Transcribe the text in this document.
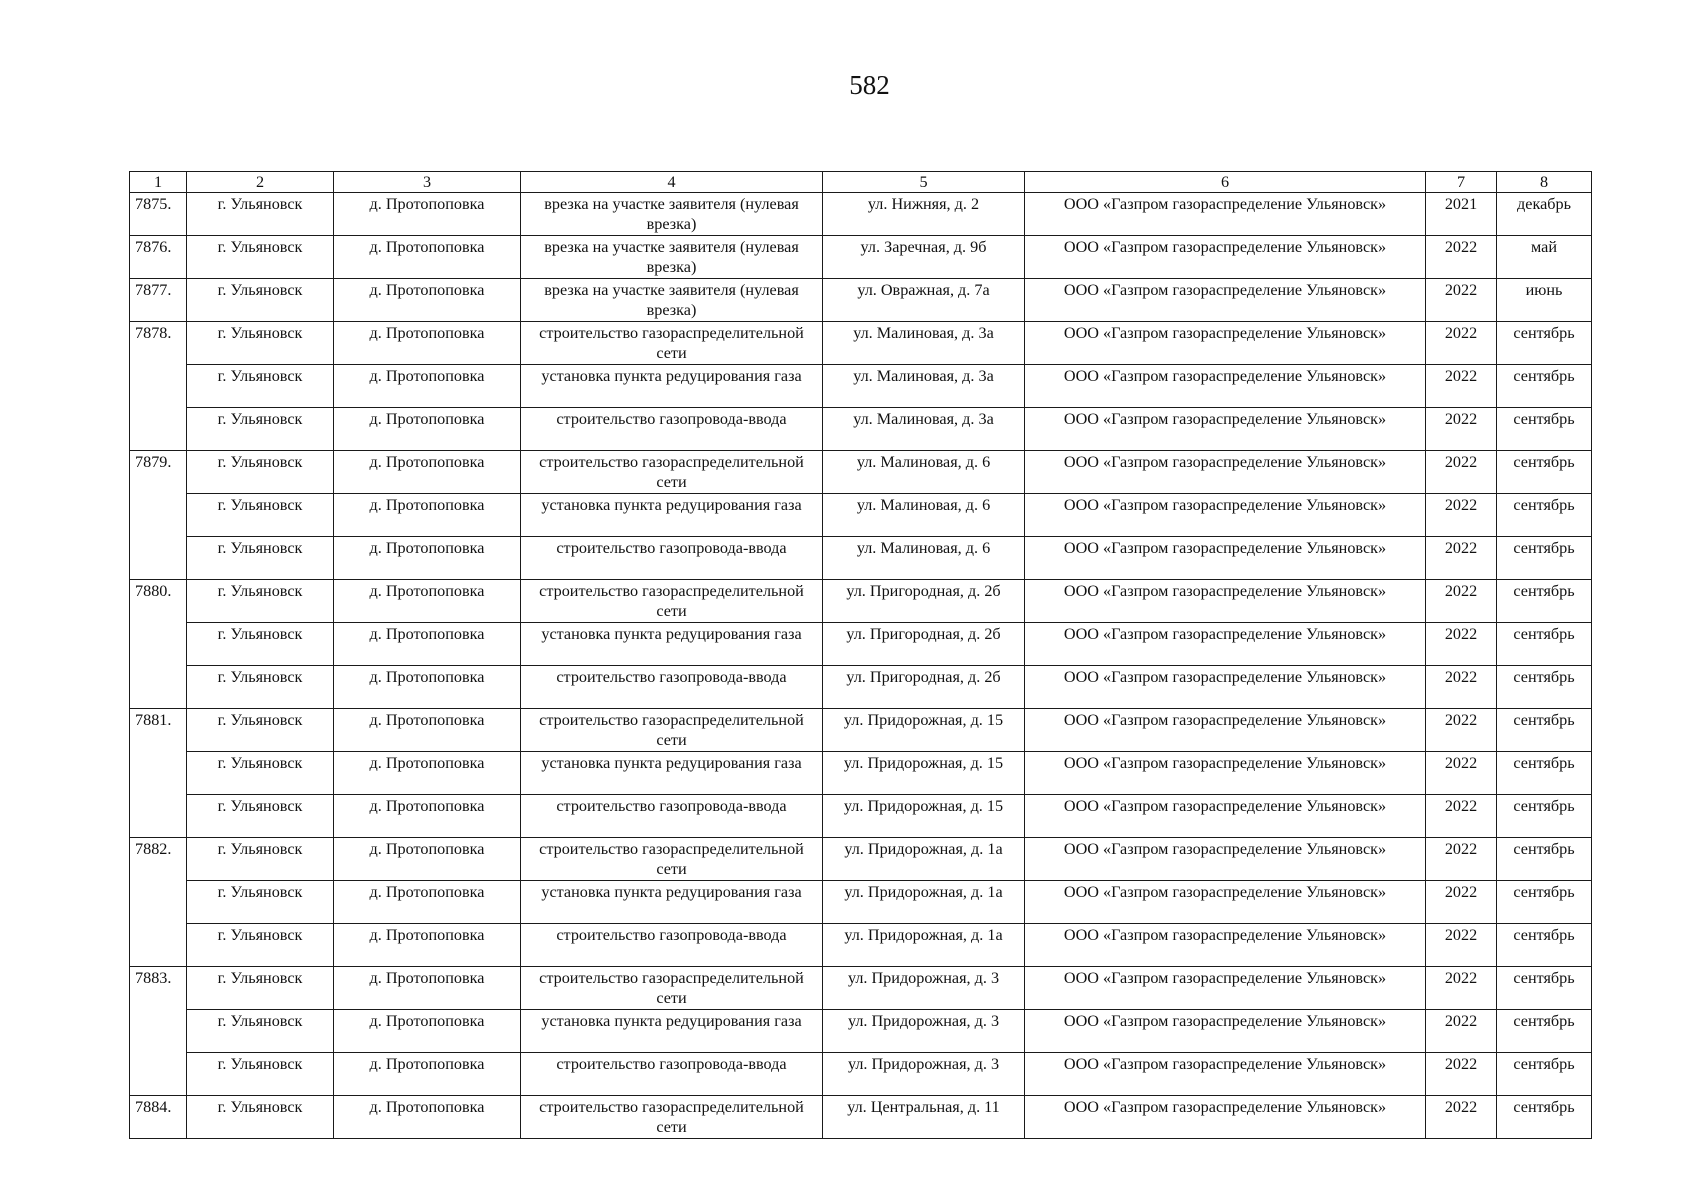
582
1	2	3	4	5	6	7	8
7875.	г. Ульяновск	д. Протопоповка	врезка на участке заявителя (нулевая врезка)	ул. Нижняя, д. 2	ООО «Газпром газораспределение Ульяновск»	2021	декабрь
7876.	г. Ульяновск	д. Протопоповка	врезка на участке заявителя (нулевая врезка)	ул. Заречная, д. 9б	ООО «Газпром газораспределение Ульяновск»	2022	май
7877.	г. Ульяновск	д. Протопоповка	врезка на участке заявителя (нулевая врезка)	ул. Овражная, д. 7а	ООО «Газпром газораспределение Ульяновск»	2022	июнь
7878.	г. Ульяновск	д. Протопоповка	строительство газораспределительной сети	ул. Малиновая, д. 3а	ООО «Газпром газораспределение Ульяновск»	2022	сентябрь
	г. Ульяновск	д. Протопоповка	установка пункта редуцирования газа	ул. Малиновая, д. 3а	ООО «Газпром газораспределение Ульяновск»	2022	сентябрь
	г. Ульяновск	д. Протопоповка	строительство газопровода-ввода	ул. Малиновая, д. 3а	ООО «Газпром газораспределение Ульяновск»	2022	сентябрь
7879.	г. Ульяновск	д. Протопоповка	строительство газораспределительной сети	ул. Малиновая, д. 6	ООО «Газпром газораспределение Ульяновск»	2022	сентябрь
	г. Ульяновск	д. Протопоповка	установка пункта редуцирования газа	ул. Малиновая, д. 6	ООО «Газпром газораспределение Ульяновск»	2022	сентябрь
	г. Ульяновск	д. Протопоповка	строительство газопровода-ввода	ул. Малиновая, д. 6	ООО «Газпром газораспределение Ульяновск»	2022	сентябрь
7880.	г. Ульяновск	д. Протопоповка	строительство газораспределительной сети	ул. Пригородная, д. 2б	ООО «Газпром газораспределение Ульяновск»	2022	сентябрь
	г. Ульяновск	д. Протопоповка	установка пункта редуцирования газа	ул. Пригородная, д. 2б	ООО «Газпром газораспределение Ульяновск»	2022	сентябрь
	г. Ульяновск	д. Протопоповка	строительство газопровода-ввода	ул. Пригородная, д. 2б	ООО «Газпром газораспределение Ульяновск»	2022	сентябрь
7881.	г. Ульяновск	д. Протопоповка	строительство газораспределительной сети	ул. Придорожная, д. 15	ООО «Газпром газораспределение Ульяновск»	2022	сентябрь
	г. Ульяновск	д. Протопоповка	установка пункта редуцирования газа	ул. Придорожная, д. 15	ООО «Газпром газораспределение Ульяновск»	2022	сентябрь
	г. Ульяновск	д. Протопоповка	строительство газопровода-ввода	ул. Придорожная, д. 15	ООО «Газпром газораспределение Ульяновск»	2022	сентябрь
7882.	г. Ульяновск	д. Протопоповка	строительство газораспределительной сети	ул. Придорожная, д. 1а	ООО «Газпром газораспределение Ульяновск»	2022	сентябрь
	г. Ульяновск	д. Протопоповка	установка пункта редуцирования газа	ул. Придорожная, д. 1а	ООО «Газпром газораспределение Ульяновск»	2022	сентябрь
	г. Ульяновск	д. Протопоповка	строительство газопровода-ввода	ул. Придорожная, д. 1а	ООО «Газпром газораспределение Ульяновск»	2022	сентябрь
7883.	г. Ульяновск	д. Протопоповка	строительство газораспределительной сети	ул. Придорожная, д. 3	ООО «Газпром газораспределение Ульяновск»	2022	сентябрь
	г. Ульяновск	д. Протопоповка	установка пункта редуцирования газа	ул. Придорожная, д. 3	ООО «Газпром газораспределение Ульяновск»	2022	сентябрь
	г. Ульяновск	д. Протопоповка	строительство газопровода-ввода	ул. Придорожная, д. 3	ООО «Газпром газораспределение Ульяновск»	2022	сентябрь
7884.	г. Ульяновск	д. Протопоповка	строительство газораспределительной сети	ул. Центральная, д. 11	ООО «Газпром газораспределение Ульяновск»	2022	сентябрь
